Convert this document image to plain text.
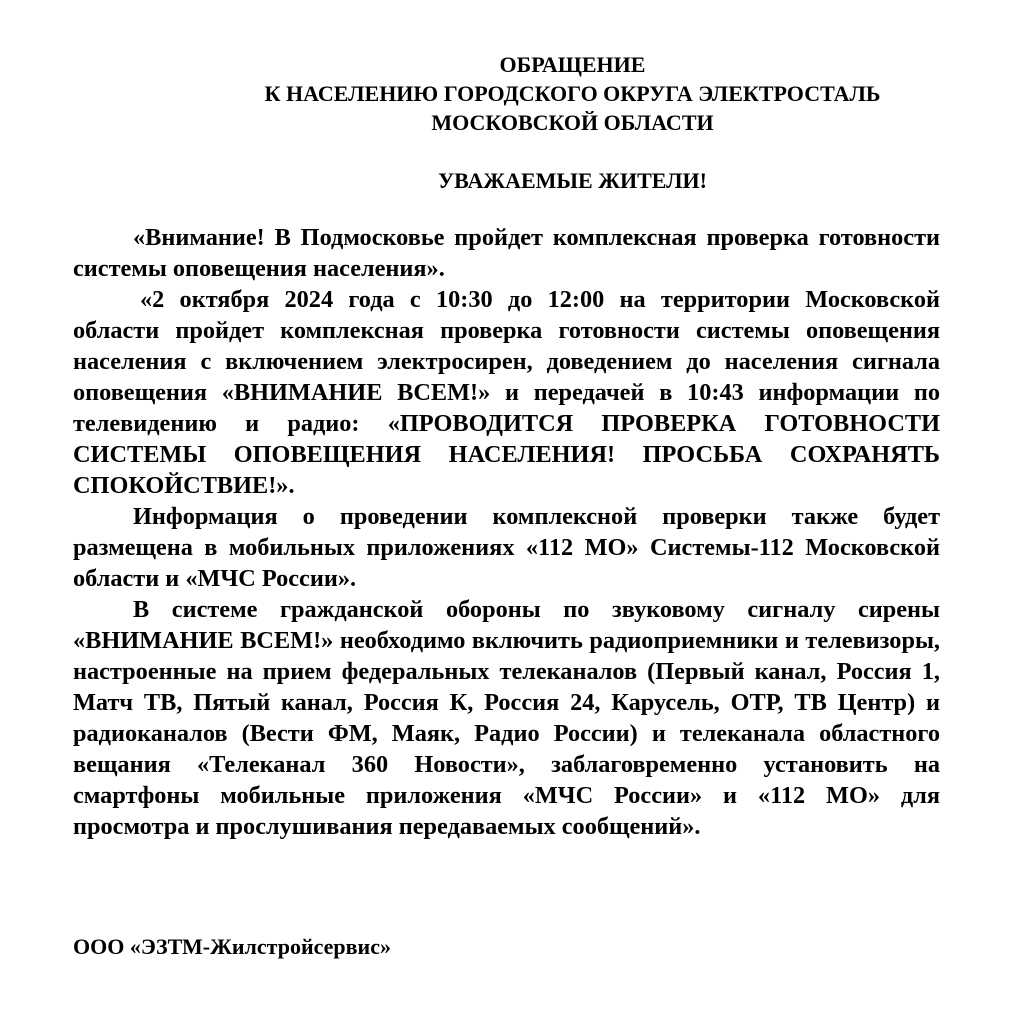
ОБРАЩЕНИЕ
К НАСЕЛЕНИЮ ГОРОДСКОГО ОКРУГА ЭЛЕКТРОСТАЛЬ
МОСКОВСКОЙ ОБЛАСТИ
УВАЖАЕМЫЕ ЖИТЕЛИ!

«Внимание! В Подмосковье пройдет комплексная проверка готовности системы оповещения населения».

«2 октября 2024 года с 10:30 до 12:00 на территории Московской области пройдет комплексная проверка готовности системы оповещения населения с включением электросирен, доведением до населения сигнала оповещения «ВНИМАНИЕ ВСЕМ!» и передачей в 10:43 информации по телевидению и радио: «ПРОВОДИТСЯ ПРОВЕРКА ГОТОВНОСТИ СИСТЕМЫ ОПОВЕЩЕНИЯ НАСЕЛЕНИЯ! ПРОСЬБА СОХРАНЯТЬ СПОКОЙСТВИЕ!».

Информация о проведении комплексной проверки также будет размещена в мобильных приложениях «112 МО» Системы-112 Московской области и «МЧС России».

В системе гражданской обороны по звуковому сигналу сирены «ВНИМАНИЕ ВСЕМ!» необходимо включить радиоприемники и телевизоры, настроенные на прием федеральных телеканалов (Первый канал, Россия 1, Матч ТВ, Пятый канал, Россия К, Россия 24, Карусель, ОТР, ТВ Центр) и радиоканалов (Вести ФМ, Маяк, Радио России) и телеканала областного вещания «Телеканал 360 Новости», заблаговременно установить на смартфоны мобильные приложения «МЧС России» и «112 МО» для просмотра и прослушивания передаваемых сообщений».

ООО «ЭЗТМ-Жилстройсервис»
